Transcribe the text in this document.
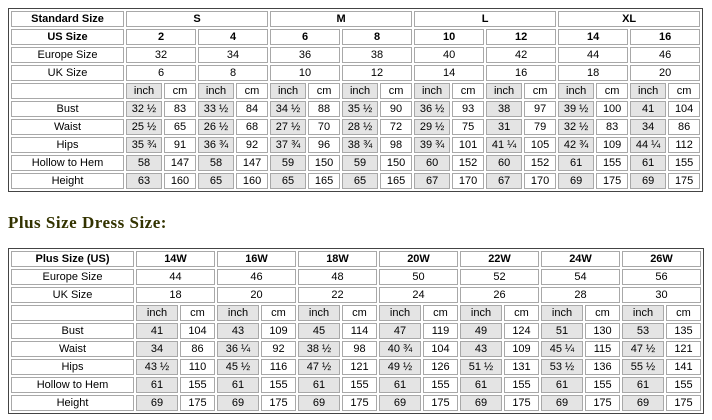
Standard Size	S				M				L				XL			
US Size	2		4		6		8		10		12		14		16	
Europe Size	32		34		36		38		40		42		44		46	
UK Size	6		8		10		12		14		16		18		20	
	inch	cm	inch	cm	inch	cm	inch	cm	inch	cm	inch	cm	inch	cm	inch	cm
Bust	32 ½	83	33 ½	84	34 ½	88	35 ½	90	36 ½	93	38	97	39 ½	100	41	104
Waist	25 ½	65	26 ½	68	27 ½	70	28 ½	72	29 ½	75	31	79	32 ½	83	34	86
Hips	35 ¾	91	36 ¾	92	37 ¾	96	38 ¾	98	39 ¾	101	41 ¼	105	42 ¾	109	44 ¼	112
Hollow to Hem	58	147	58	147	59	150	59	150	60	152	60	152	61	155	61	155
Height	63	160	65	160	65	165	65	165	67	170	67	170	69	175	69	175
Plus Size Dress Size:
Plus Size (US)	14W		16W		18W		20W		22W		24W		26W	
Europe Size	44		46		48		50		52		54		56	
UK Size	18		20		22		24		26		28		30	
	inch	cm	inch	cm	inch	cm	inch	cm	inch	cm	inch	cm	inch	cm
Bust	41	104	43	109	45	114	47	119	49	124	51	130	53	135
Waist	34	86	36 ¼	92	38 ½	98	40 ¾	104	43	109	45 ¼	115	47 ½	121
Hips	43 ½	110	45 ½	116	47 ½	121	49 ½	126	51 ½	131	53 ½	136	55 ½	141
Hollow to Hem	61	155	61	155	61	155	61	155	61	155	61	155	61	155
Height	69	175	69	175	69	175	69	175	69	175	69	175	69	175
